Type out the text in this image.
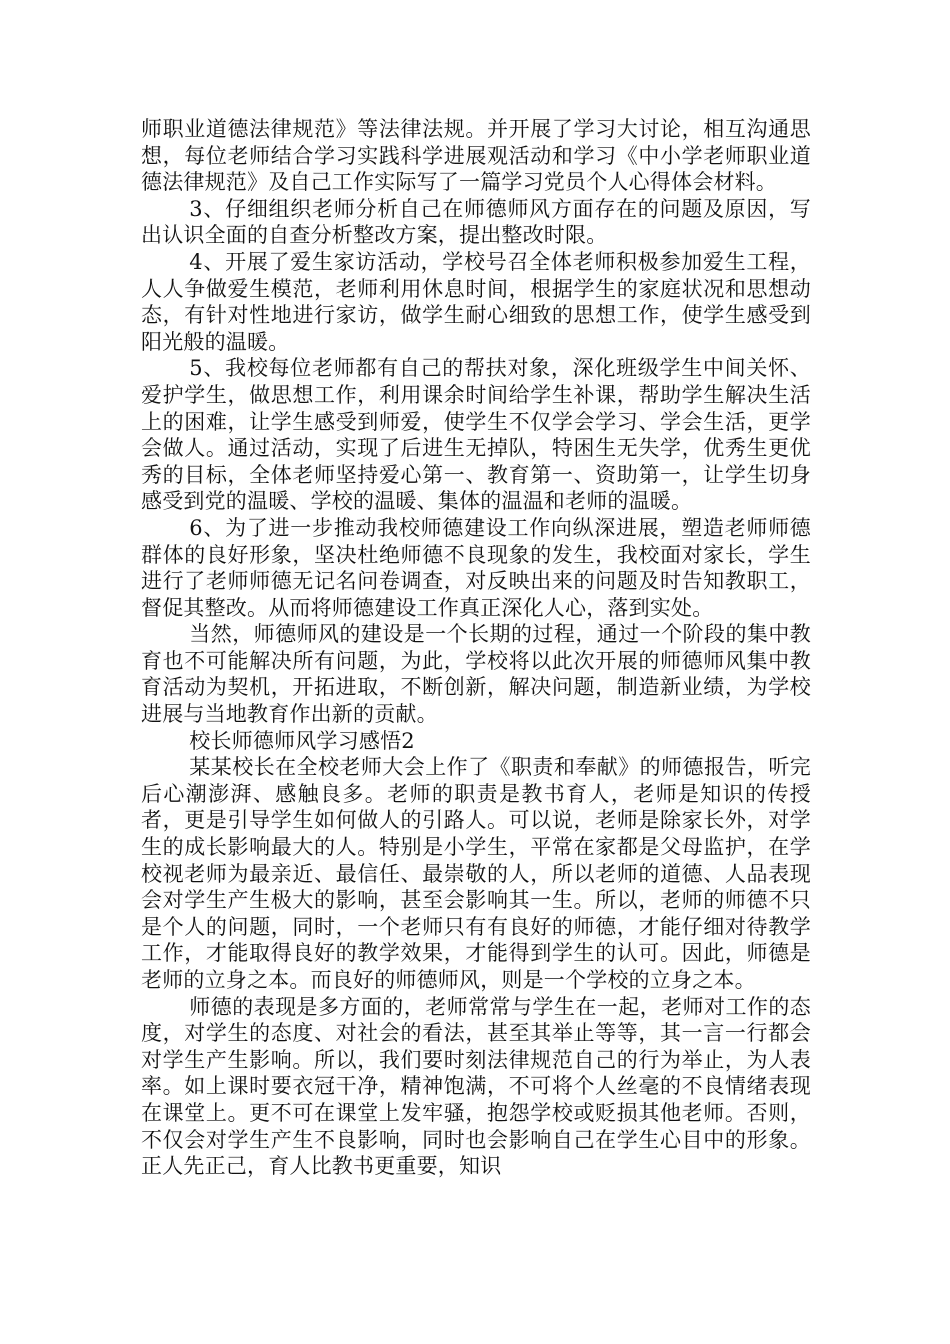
师职业道德法律规范》等法律法规。并开展了学习大讨论，相互沟通思想，每位老师结合学习实践科学进展观活动和学习《中小学老师职业道德法律规范》及自己工作实际写了一篇学习党员个人心得体会材料。

3、仔细组织老师分析自己在师德师风方面存在的问题及原因，写出认识全面的自查分析整改方案，提出整改时限。

4、开展了爱生家访活动，学校号召全体老师积极参加爱生工程，人人争做爱生模范，老师利用休息时间，根据学生的家庭状况和思想动态，有针对性地进行家访，做学生耐心细致的思想工作，使学生感受到阳光般的温暖。

5、我校每位老师都有自己的帮扶对象，深化班级学生中间关怀、爱护学生，做思想工作，利用课余时间给学生补课，帮助学生解决生活上的困难，让学生感受到师爱，使学生不仅学会学习、学会生活，更学会做人。通过活动，实现了后进生无掉队，特困生无失学，优秀生更优秀的目标，全体老师坚持爱心第一、教育第一、资助第一，让学生切身感受到党的温暖、学校的温暖、集体的温温和老师的温暖。

6、为了进一步推动我校师德建设工作向纵深进展，塑造老师师德群体的良好形象，坚决杜绝师德不良现象的发生，我校面对家长，学生进行了老师师德无记名问卷调查，对反映出来的问题及时告知教职工，督促其整改。从而将师德建设工作真正深化人心，落到实处。

当然，师德师风的建设是一个长期的过程，通过一个阶段的集中教育也不可能解决所有问题，为此，学校将以此次开展的师德师风集中教育活动为契机，开拓进取，不断创新，解决问题，制造新业绩，为学校进展与当地教育作出新的贡献。

校长师德师风学习感悟2

某某校长在全校老师大会上作了《职责和奉献》的师德报告，听完后心潮澎湃、感触良多。老师的职责是教书育人，老师是知识的传授者，更是引导学生如何做人的引路人。可以说，老师是除家长外，对学生的成长影响最大的人。特别是小学生，平常在家都是父母监护，在学校视老师为最亲近、最信任、最崇敬的人，所以老师的道德、人品表现会对学生产生极大的影响，甚至会影响其一生。所以，老师的师德不只是个人的问题，同时，一个老师只有有良好的师德，才能仔细对待教学工作，才能取得良好的教学效果，才能得到学生的认可。因此，师德是老师的立身之本。而良好的师德师风，则是一个学校的立身之本。

师德的表现是多方面的，老师常常与学生在一起，老师对工作的态度，对学生的态度、对社会的看法，甚至其举止等等，其一言一行都会对学生产生影响。所以，我们要时刻法律规范自己的行为举止，为人表率。如上课时要衣冠干净，精神饱满，不可将个人丝毫的不良情绪表现在课堂上。更不可在课堂上发牢骚，抱怨学校或贬损其他老师。否则，不仅会对学生产生不良影响，同时也会影响自己在学生心目中的形象。正人先正己，育人比教书更重要，知识
